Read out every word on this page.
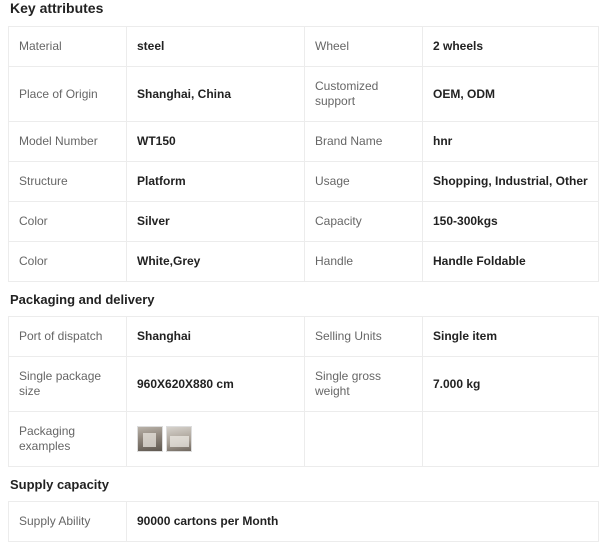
Key attributes
Material	steel	Wheel	2 wheels
Place of Origin	Shanghai, China	Customized support	OEM, ODM
Model Number	WT150	Brand Name	hnr
Structure	Platform	Usage	Shopping, Industrial, Other
Color	Silver	Capacity	150-300kgs
Color	White,Grey	Handle	Handle Foldable
Packaging and delivery
Port of dispatch	Shanghai	Selling Units	Single item
Single package size	960X620X880 cm	Single gross weight	7.000 kg
Packaging examples	

Supply capacity
Supply Ability	90000 cartons per Month
